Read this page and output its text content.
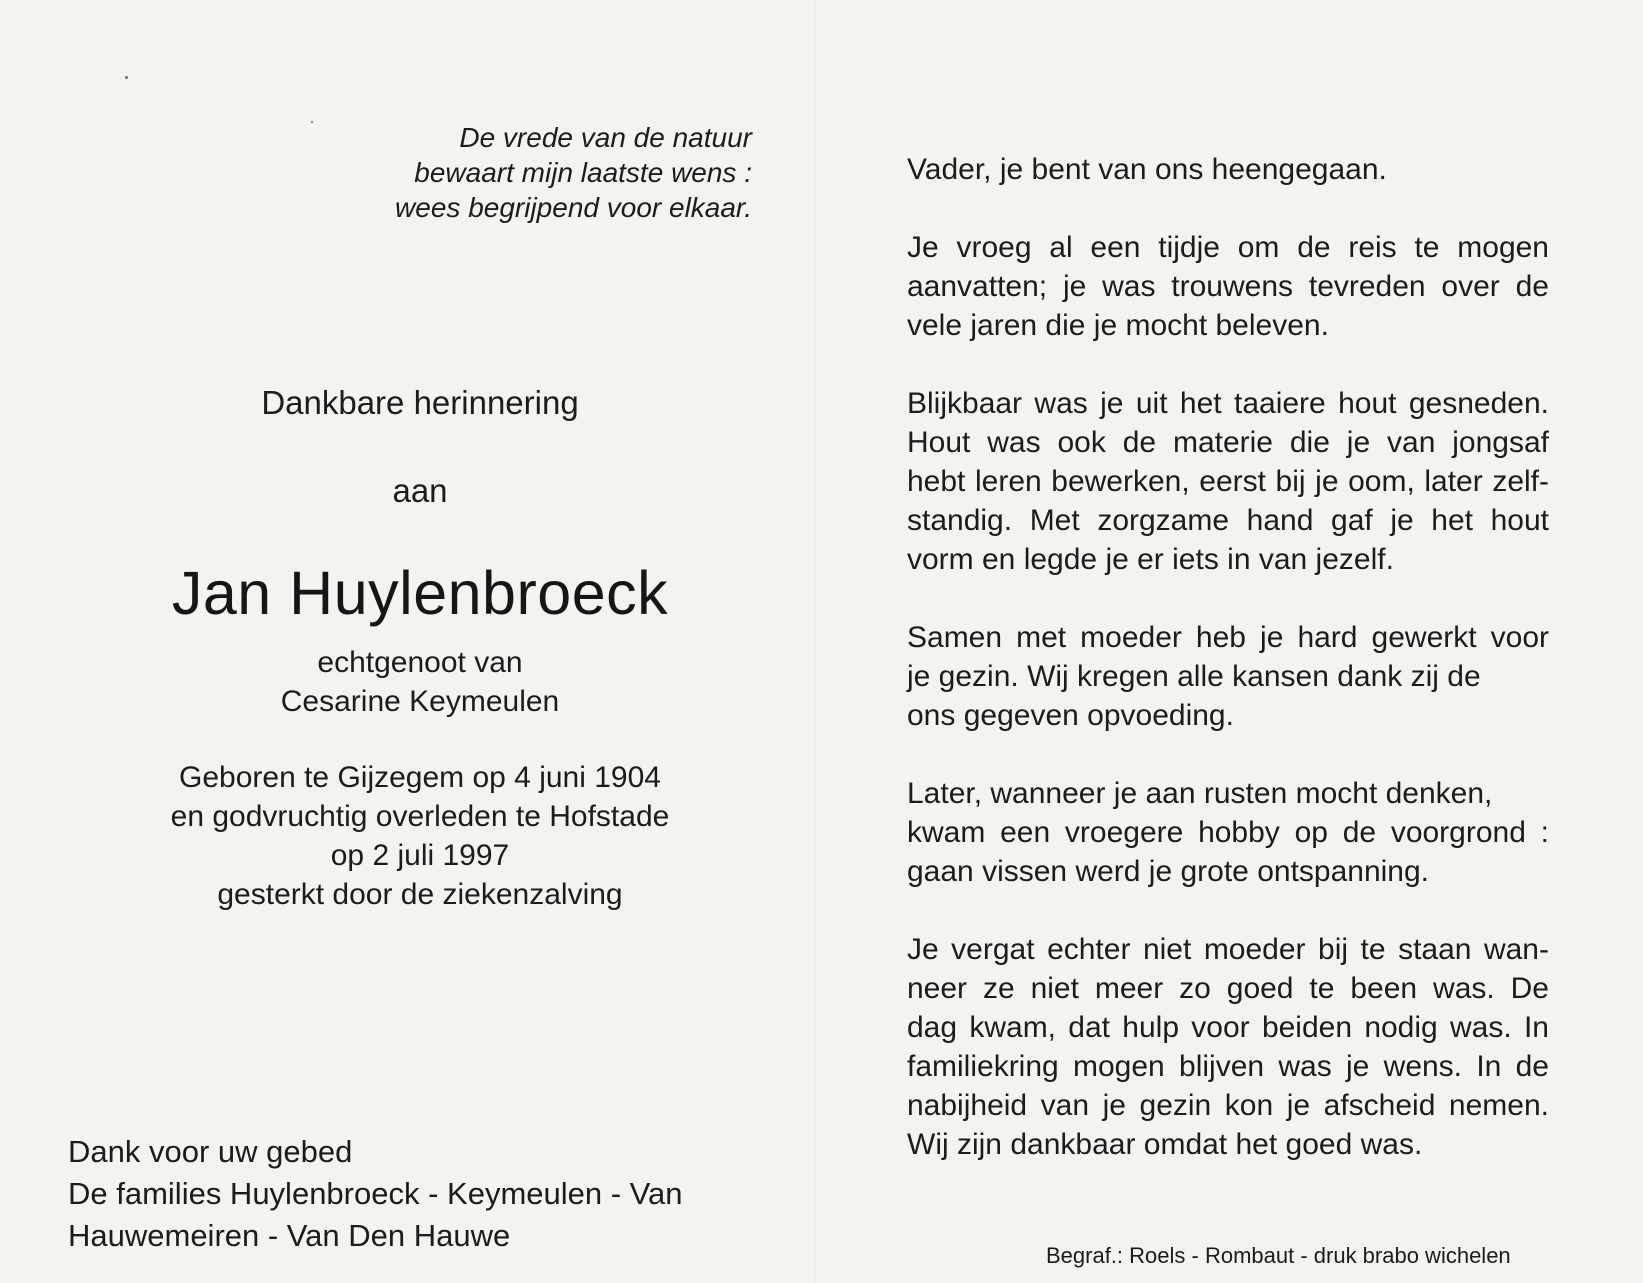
De vrede van de natuur
bewaart mijn laatste wens :
wees begrijpend voor elkaar.
Dankbare herinnering
aan
Jan Huylenbroeck
echtgenoot van
Cesarine Keymeulen
Geboren te Gijzegem op 4 juni 1904
en godvruchtig overleden te Hofstade
op 2 juli 1997
gesterkt door de ziekenzalving
Dank voor uw gebed
De families Huylenbroeck - Keymeulen - Van
Hauwemeiren - Van Den Hauwe

Vader, je bent van ons heengegaan.

Je vroeg al een tijdje om de reis te mogen
aanvatten; je was trouwens tevreden over de
vele jaren die je mocht beleven.

Blijkbaar was je uit het taaiere hout gesneden.
Hout was ook de materie die je van jongsaf
hebt leren bewerken, eerst bij je oom, later zelf-
standig. Met zorgzame hand gaf je het hout
vorm en legde je er iets in van jezelf.

Samen met moeder heb je hard gewerkt voor
je gezin. Wij kregen alle kansen dank zij de
ons gegeven opvoeding.

Later, wanneer je aan rusten mocht denken,
kwam een vroegere hobby op de voorgrond :
gaan vissen werd je grote ontspanning.

Je vergat echter niet moeder bij te staan wan-
neer ze niet meer zo goed te been was. De
dag kwam, dat hulp voor beiden nodig was. In
familiekring mogen blijven was je wens. In de
nabijheid van je gezin kon je afscheid nemen.
Wij zijn dankbaar omdat het goed was.

Begraf.: Roels - Rombaut - druk brabo wichelen
